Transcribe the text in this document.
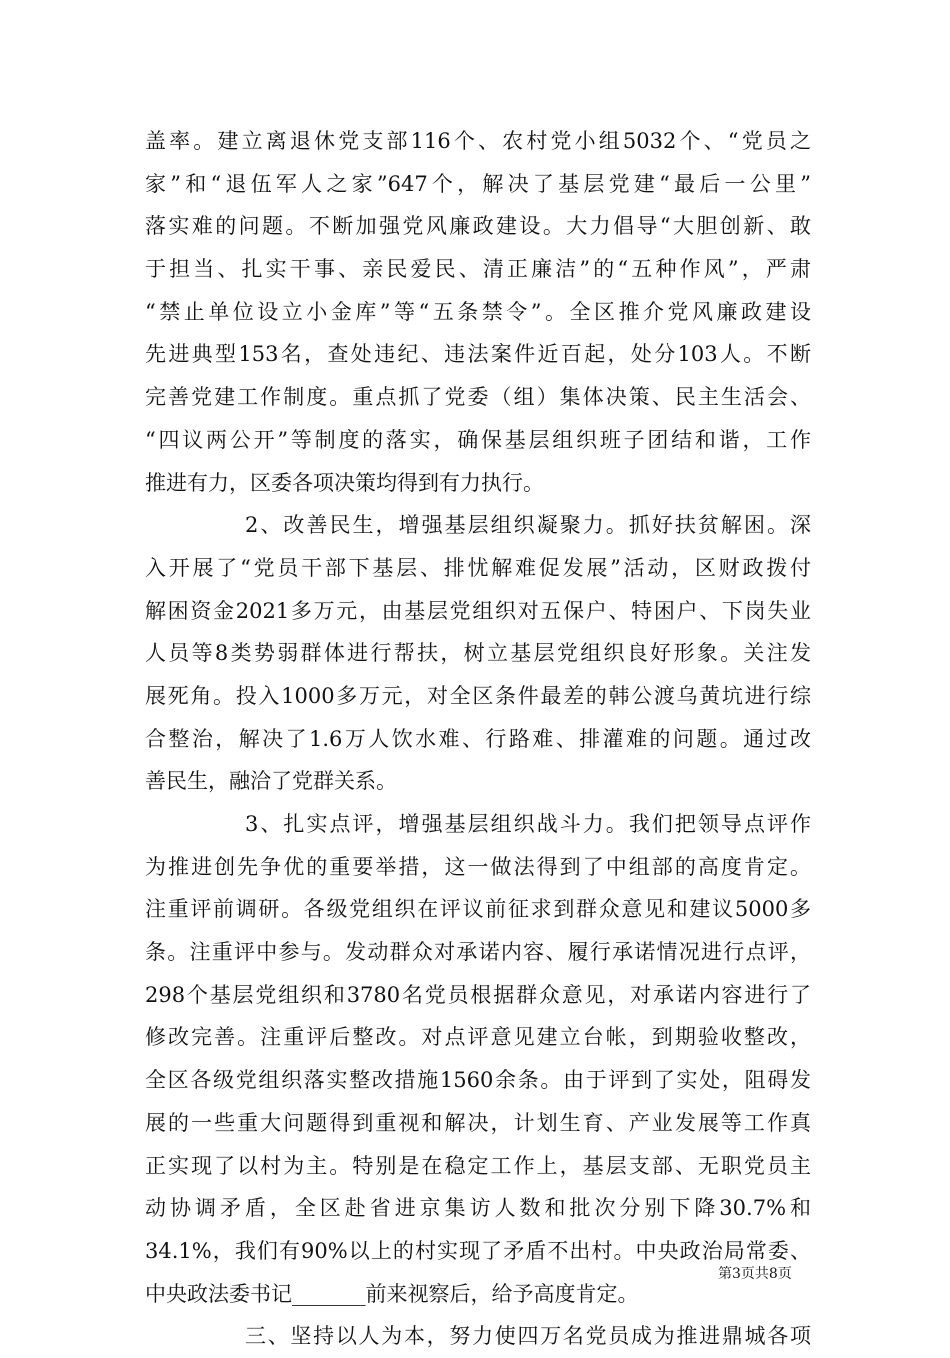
盖率。建立离退休党支部116个、农村党小组5032个、“党员之
家”和“退伍军人之家”647个，解决了基层党建“最后一公里”
落实难的问题。不断加强党风廉政建设。大力倡导“大胆创新、敢
于担当、扎实干事、亲民爱民、清正廉洁”的“五种作风”，严肃
“禁止单位设立小金库”等“五条禁令”。全区推介党风廉政建设
先进典型153名，查处违纪、违法案件近百起，处分103人。不断
完善党建工作制度。重点抓了党委（组）集体决策、民主生活会、
“四议两公开”等制度的落实，确保基层组织班子团结和谐，工作
推进有力，区委各项决策均得到有力执行。
2、改善民生，增强基层组织凝聚力。抓好扶贫解困。深
入开展了“党员干部下基层、排忧解难促发展”活动，区财政拨付
解困资金2021多万元，由基层党组织对五保户、特困户、下岗失业
人员等8类势弱群体进行帮扶，树立基层党组织良好形象。关注发
展死角。投入1000多万元，对全区条件最差的韩公渡乌黄坑进行综
合整治，解决了1.6万人饮水难、行路难、排灌难的问题。通过改
善民生，融洽了党群关系。
3、扎实点评，增强基层组织战斗力。我们把领导点评作
为推进创先争优的重要举措，这一做法得到了中组部的高度肯定。
注重评前调研。各级党组织在评议前征求到群众意见和建议5000多
条。注重评中参与。发动群众对承诺内容、履行承诺情况进行点评，
298个基层党组织和3780名党员根据群众意见，对承诺内容进行了
修改完善。注重评后整改。对点评意见建立台帐，到期验收整改，
全区各级党组织落实整改措施1560余条。由于评到了实处，阻碍发
展的一些重大问题得到重视和解决，计划生育、产业发展等工作真
正实现了以村为主。特别是在稳定工作上，基层支部、无职党员主
动协调矛盾，全区赴省进京集访人数和批次分别下降30.7%和
34.1%，我们有90%以上的村实现了矛盾不出村。中央政治局常委、
中央政法委书记_______前来视察后，给予高度肯定。
三、坚持以人为本，努力使四万名党员成为推进鼎城各项
第3页共8页
